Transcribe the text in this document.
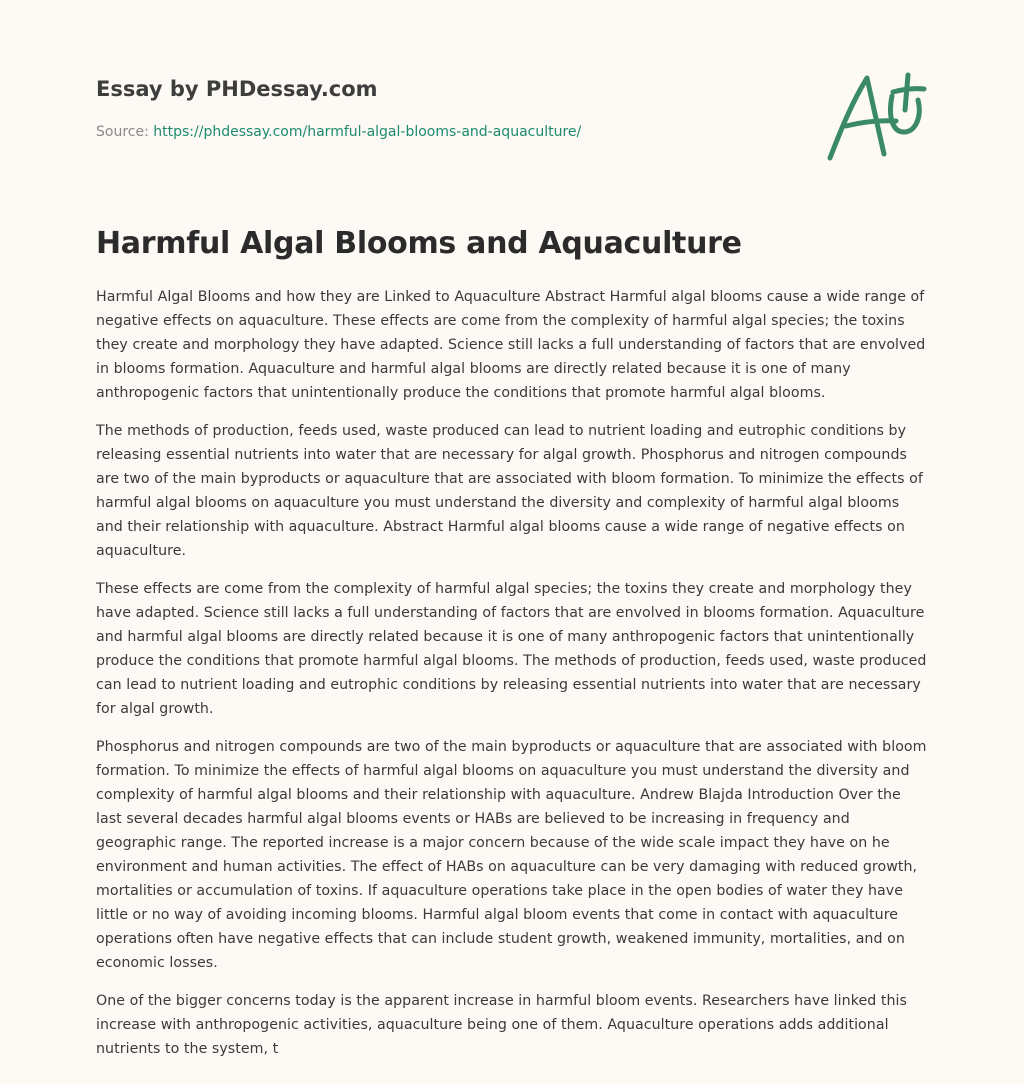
Essay by PHDessay.com
Source: https://phdessay.com/harmful-algal-blooms-and-aquaculture/
Harmful Algal Blooms and Aquaculture

Harmful Algal Blooms and how they are Linked to Aquaculture Abstract Harmful algal blooms cause a wide range of negative effects on aquaculture. These effects are come from the complexity of harmful algal species; the toxins they create and morphology they have adapted. Science still lacks a full understanding of factors that are envolved in blooms formation. Aquaculture and harmful algal blooms are directly related because it is one of many anthropogenic factors that unintentionally produce the conditions that promote harmful algal blooms.

The methods of production, feeds used, waste produced can lead to nutrient loading and eutrophic conditions by releasing essential nutrients into water that are necessary for algal growth. Phosphorus and nitrogen compounds are two of the main byproducts or aquaculture that are associated with bloom formation. To minimize the effects of harmful algal blooms on aquaculture you must understand the diversity and complexity of harmful algal blooms and their relationship with aquaculture. Abstract Harmful algal blooms cause a wide range of negative effects on aquaculture.

These effects are come from the complexity of harmful algal species; the toxins they create and morphology they have adapted. Science still lacks a full understanding of factors that are envolved in blooms formation. Aquaculture and harmful algal blooms are directly related because it is one of many anthropogenic factors that unintentionally produce the conditions that promote harmful algal blooms. The methods of production, feeds used, waste produced can lead to nutrient loading and eutrophic conditions by releasing essential nutrients into water that are necessary for algal growth.

Phosphorus and nitrogen compounds are two of the main byproducts or aquaculture that are associated with bloom formation. To minimize the effects of harmful algal blooms on aquaculture you must understand the diversity and complexity of harmful algal blooms and their relationship with aquaculture. Andrew Blajda Introduction Over the last several decades harmful algal blooms events or HABs are believed to be increasing in frequency and geographic range. The reported increase is a major concern because of the wide scale impact they have on he environment and human activities. The effect of HABs on aquaculture can be very damaging with reduced growth, mortalities or accumulation of toxins. If aquaculture operations take place in the open bodies of water they have little or no way of avoiding incoming blooms. Harmful algal bloom events that come in contact with aquaculture operations often have negative effects that can include student growth, weakened immunity, mortalities, and on economic losses.

One of the bigger concerns today is the apparent increase in harmful bloom events. Researchers have linked this increase with anthropogenic activities, aquaculture being one of them. Aquaculture operations adds additional nutrients to the system, t
